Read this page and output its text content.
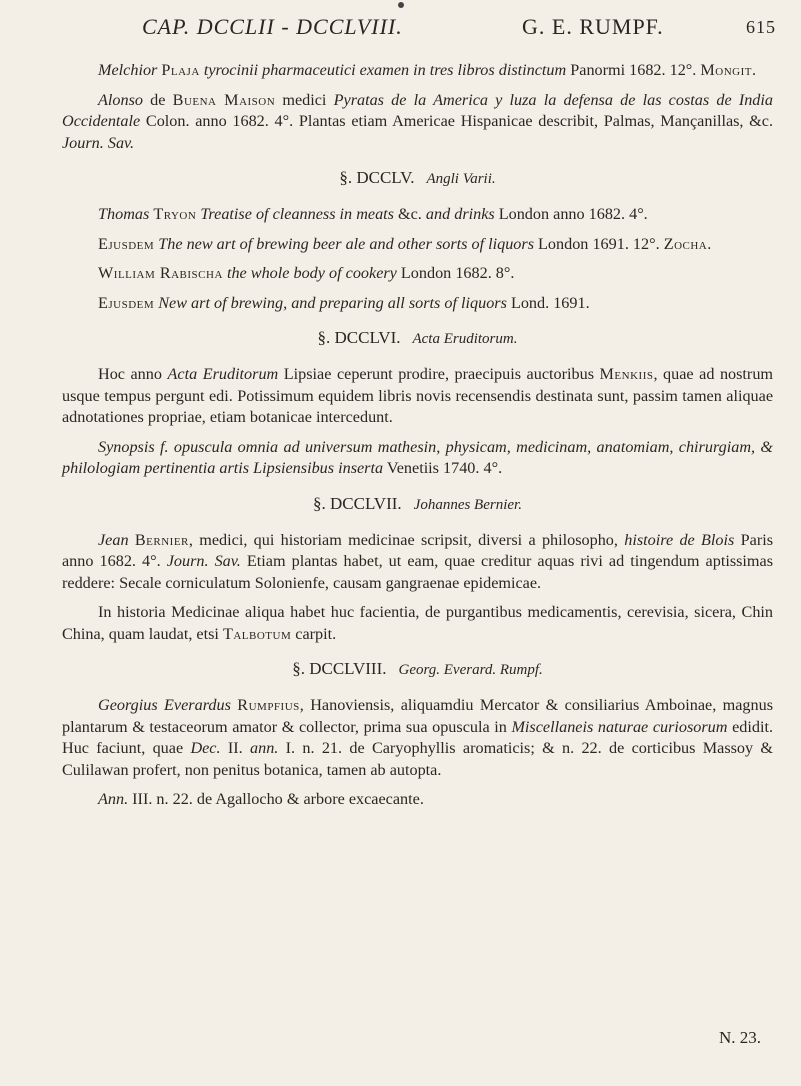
CAP. DCCLII - DCCLVIII.	G. E. RUMPF.	615

Melchior Plaja tyrocinii pharmaceutici examen in tres libros distinctum Panormi 1682. 12°. Mongit.

Alonso de Buena Maison medici Pyratas de la America y luza la defensa de las costas de India Occidentale Colon. anno 1682. 4°. Plantas etiam Americae Hispanicae describit, Palmas, Mançanillas, &c. Journ. Sav.

§. DCCLV. Angli Varii.

Thomas Tryon Treatise of cleanness in meats &c. and drinks London anno 1682. 4°.

Ejusdem The new art of brewing beer ale and other sorts of liquors London 1691. 12°. Zocha.

William Rabischa the whole body of cookery London 1682. 8°.

Ejusdem New art of brewing, and preparing all sorts of liquors Lond. 1691.

§. DCCLVI. Acta Eruditorum.

Hoc anno Acta Eruditorum Lipsiae ceperunt prodire, praecipuis auctoribus Menkiis, quae ad nostrum usque tempus pergunt edi. Potissimum equidem libris novis recensendis destinata sunt, passim tamen aliquae adnotationes propriae, etiam botanicae intercedunt.

Synopsis f. opuscula omnia ad universum mathesin, physicam, medicinam, anatomiam, chirurgiam, & philologiam pertinentia artis Lipsiensibus inserta Venetiis 1740. 4°.

§. DCCLVII. Johannes Bernier.

Jean Bernier, medici, qui historiam medicinae scripsit, diversi a philosopho, histoire de Blois Paris anno 1682. 4°. Journ. Sav. Etiam plantas habet, ut eam, quae creditur aquas rivi ad tingendum aptissimas reddere: Secale corniculatum Solonienfe, causam gangraenae epidemicae.

In historia Medicinae aliqua habet huc facientia, de purgantibus medicamentis, cerevisia, sicera, Chin China, quam laudat, etsi Talbotum carpit.

§. DCCLVIII. Georg. Everard. Rumpf.

Georgius Everardus Rumpfius, Hanoviensis, aliquamdiu Mercator & consiliarius Amboinae, magnus plantarum & testaceorum amator & collector, prima sua opuscula in Miscellaneis naturae curiosorum edidit. Huc faciunt, quae Dec. II. ann. I. n. 21. de Caryophyllis aromaticis; & n. 22. de corticibus Massoy & Culilawan profert, non penitus botanica, tamen ab autopta.

Ann. III. n. 22. de Agallocho & arbore excaecante.

N. 23.
